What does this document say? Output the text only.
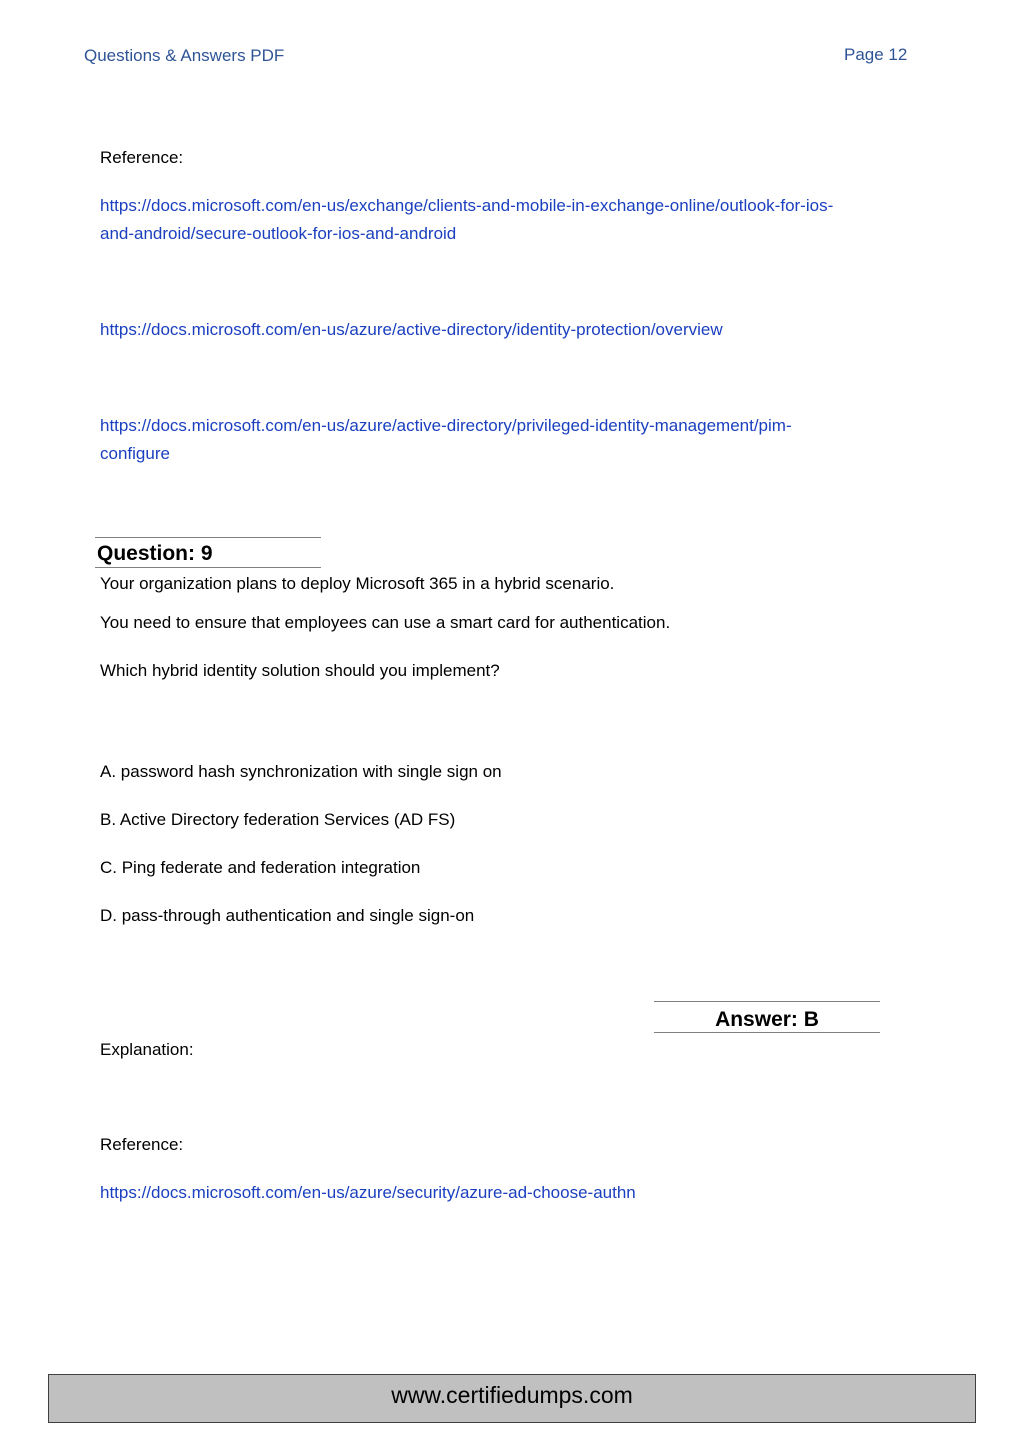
Questions & Answers PDF	Page 12
Reference:
https://docs.microsoft.com/en-us/exchange/clients-and-mobile-in-exchange-online/outlook-for-ios-
and-android/secure-outlook-for-ios-and-android
https://docs.microsoft.com/en-us/azure/active-directory/identity-protection/overview
https://docs.microsoft.com/en-us/azure/active-directory/privileged-identity-management/pim-
configure
Question: 9
Your organization plans to deploy Microsoft 365 in a hybrid scenario.
You need to ensure that employees can use a smart card for authentication.
Which hybrid identity solution should you implement?
A. password hash synchronization with single sign on
B. Active Directory federation Services (AD FS)
C. Ping federate and federation integration
D. pass-through authentication and single sign-on
Answer: B
Explanation:
Reference:
https://docs.microsoft.com/en-us/azure/security/azure-ad-choose-authn
www.certifiedumps.com
